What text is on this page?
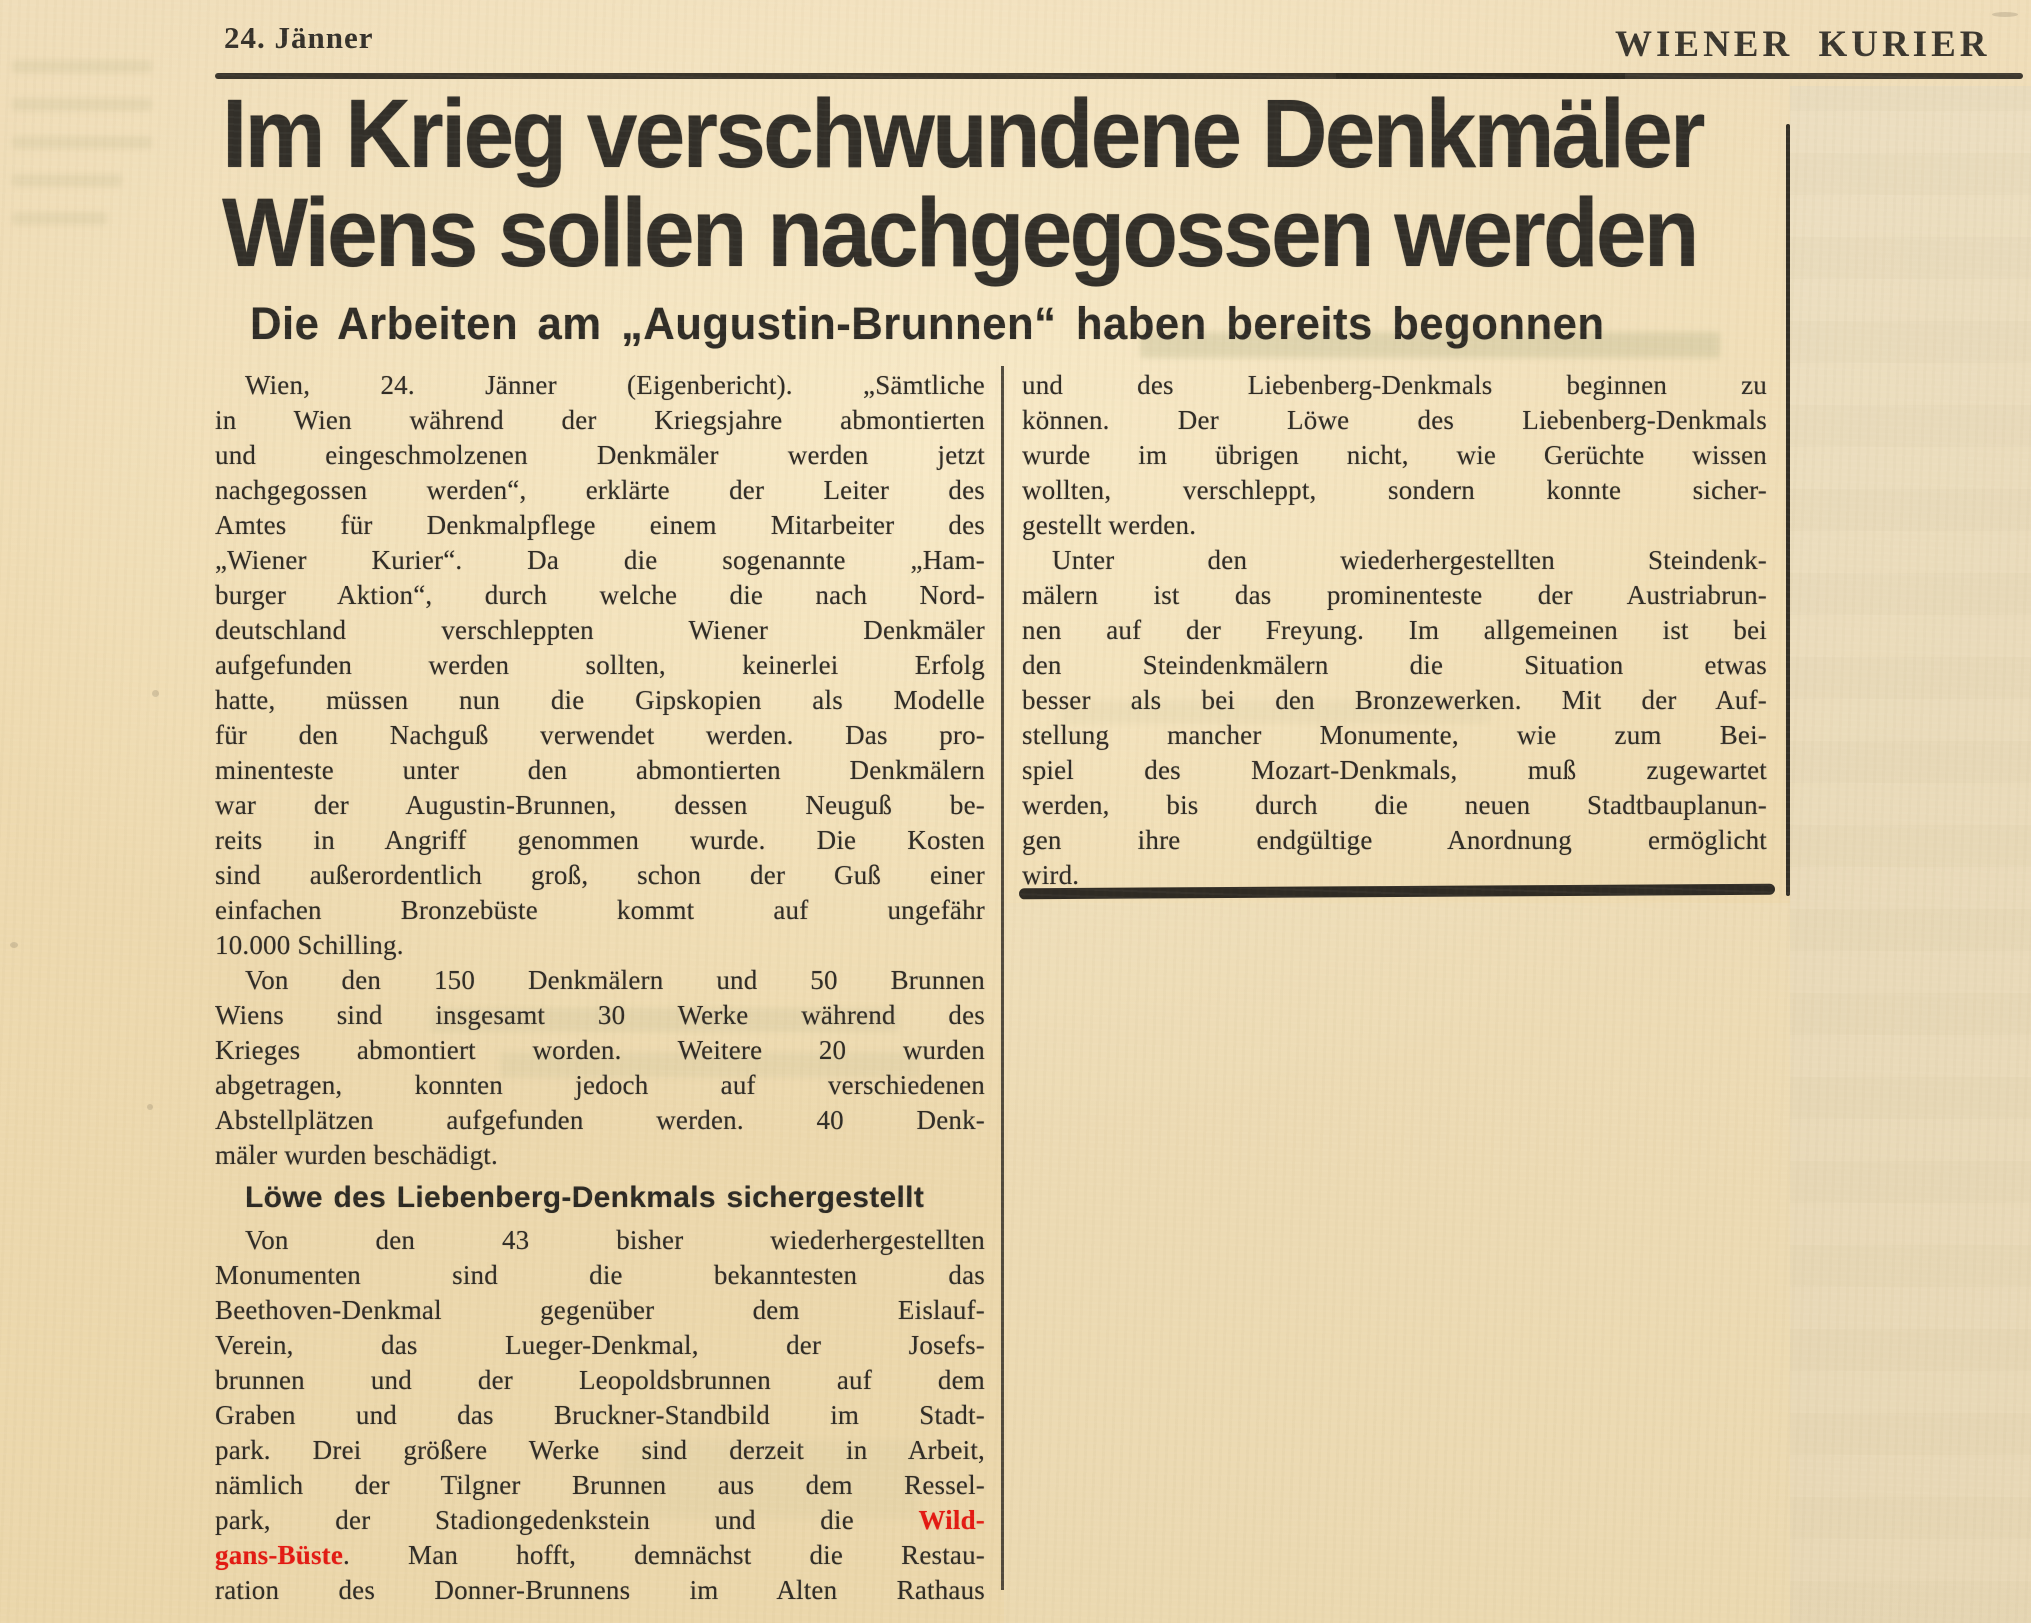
24. Jänner	WIENER KURIER
Im Krieg verschwundene Denkmäler
Wiens sollen nachgegossen werden
Die Arbeiten am „Augustin-Brunnen“ haben bereits begonnen
Wien, 24. Jänner (Eigenbericht). „Sämtliche
in Wien während der Kriegsjahre abmontierten
und eingeschmolzenen Denkmäler werden jetzt
nachgegossen werden“, erklärte der Leiter des
Amtes für Denkmalpflege einem Mitarbeiter des
„Wiener Kurier“. Da die sogenannte „Ham-
burger Aktion“, durch welche die nach Nord-
deutschland verschleppten Wiener Denkmäler
aufgefunden werden sollten, keinerlei Erfolg
hatte, müssen nun die Gipskopien als Modelle
für den Nachguß verwendet werden. Das pro-
minenteste unter den abmontierten Denkmälern
war der Augustin-Brunnen, dessen Neuguß be-
reits in Angriff genommen wurde. Die Kosten
sind außerordentlich groß, schon der Guß einer
einfachen Bronzebüste kommt auf ungefähr
10.000 Schilling.
Von den 150 Denkmälern und 50 Brunnen
Wiens sind insgesamt 30 Werke während des
Krieges abmontiert worden. Weitere 20 wurden
abgetragen, konnten jedoch auf verschiedenen
Abstellplätzen aufgefunden werden. 40 Denk-
mäler wurden beschädigt.
Löwe des Liebenberg-Denkmals sichergestellt
Von den 43 bisher wiederhergestellten
Monumenten sind die bekanntesten das
Beethoven-Denkmal gegenüber dem Eislauf-
Verein, das Lueger-Denkmal, der Josefs-
brunnen und der Leopoldsbrunnen auf dem
Graben und das Bruckner-Standbild im Stadt-
park. Drei größere Werke sind derzeit in Arbeit,
nämlich der Tilgner Brunnen aus dem Ressel-
park, der Stadiongedenkstein und die Wild-
gans-Büste. Man hofft, demnächst die Restau-
ration des Donner-Brunnens im Alten Rathaus
und des Liebenberg-Denkmals beginnen zu
können. Der Löwe des Liebenberg-Denkmals
wurde im übrigen nicht, wie Gerüchte wissen
wollten, verschleppt, sondern konnte sicher-
gestellt werden.
Unter den wiederhergestellten Steindenk-
mälern ist das prominenteste der Austriabrun-
nen auf der Freyung. Im allgemeinen ist bei
den Steindenkmälern die Situation etwas
besser als bei den Bronzewerken. Mit der Auf-
stellung mancher Monumente, wie zum Bei-
spiel des Mozart-Denkmals, muß zugewartet
werden, bis durch die neuen Stadtbauplanun-
gen ihre endgültige Anordnung ermöglicht
wird.
